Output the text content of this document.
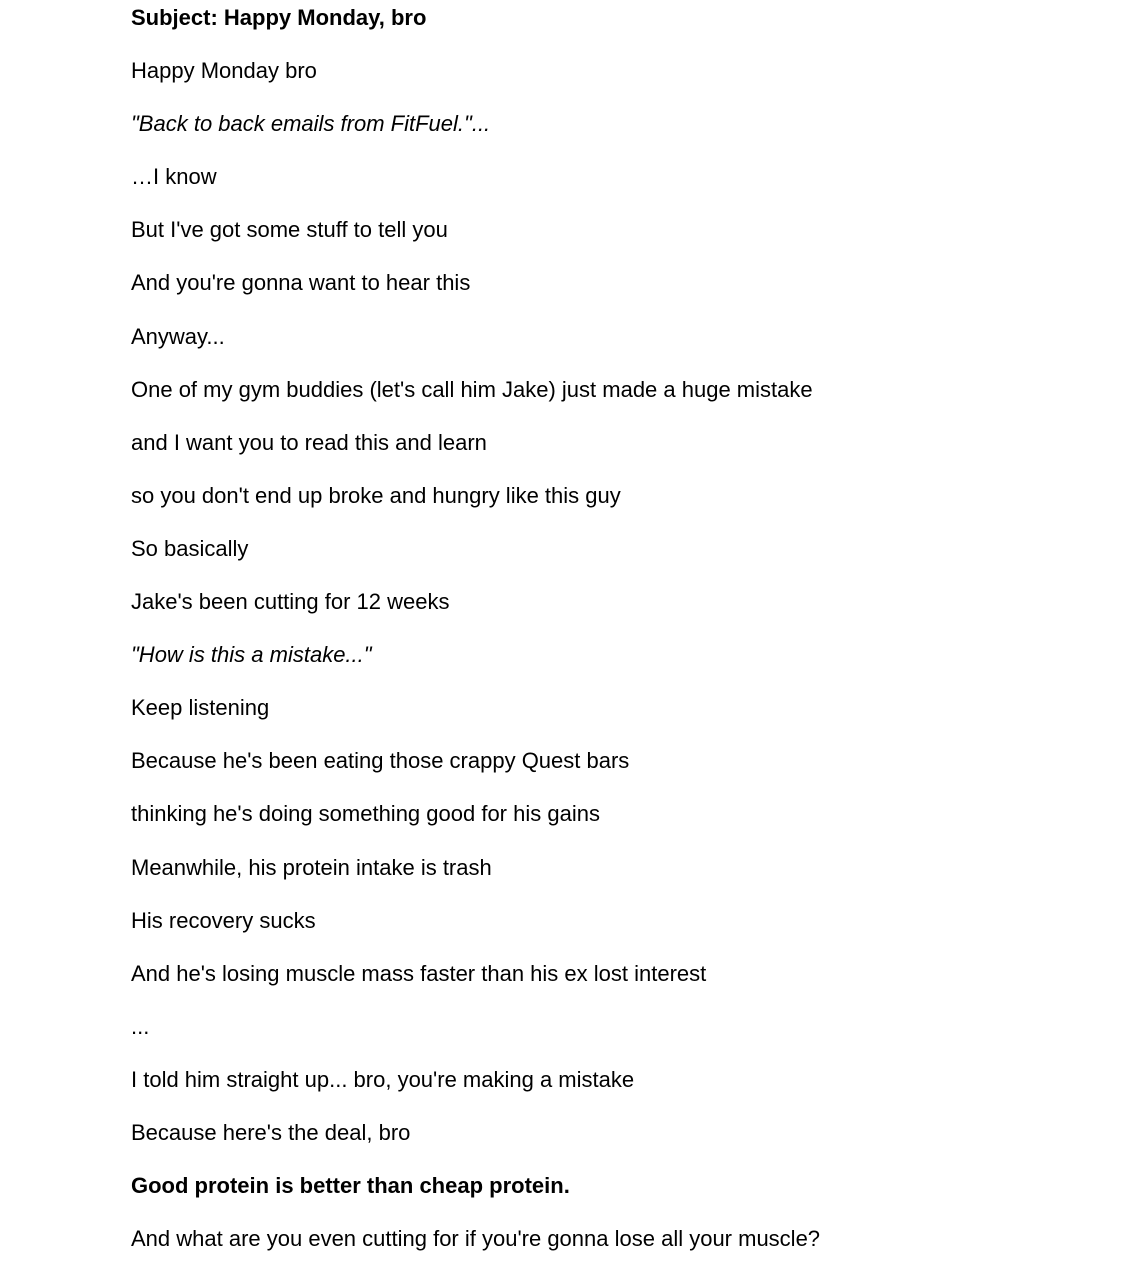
Subject: Happy Monday, bro
Happy Monday bro
"Back to back emails from FitFuel."...
…I know
But I've got some stuff to tell you
And you're gonna want to hear this
Anyway...
One of my gym buddies (let's call him Jake) just made a huge mistake
and I want you to read this and learn
so you don't end up broke and hungry like this guy
So basically
Jake's been cutting for 12 weeks
"How is this a mistake..."
Keep listening
Because he's been eating those crappy Quest bars
thinking he's doing something good for his gains
Meanwhile, his protein intake is trash
His recovery sucks
And he's losing muscle mass faster than his ex lost interest
...
I told him straight up... bro, you're making a mistake
Because here's the deal, bro
Good protein is better than cheap protein.
And what are you even cutting for if you're gonna lose all your muscle?
